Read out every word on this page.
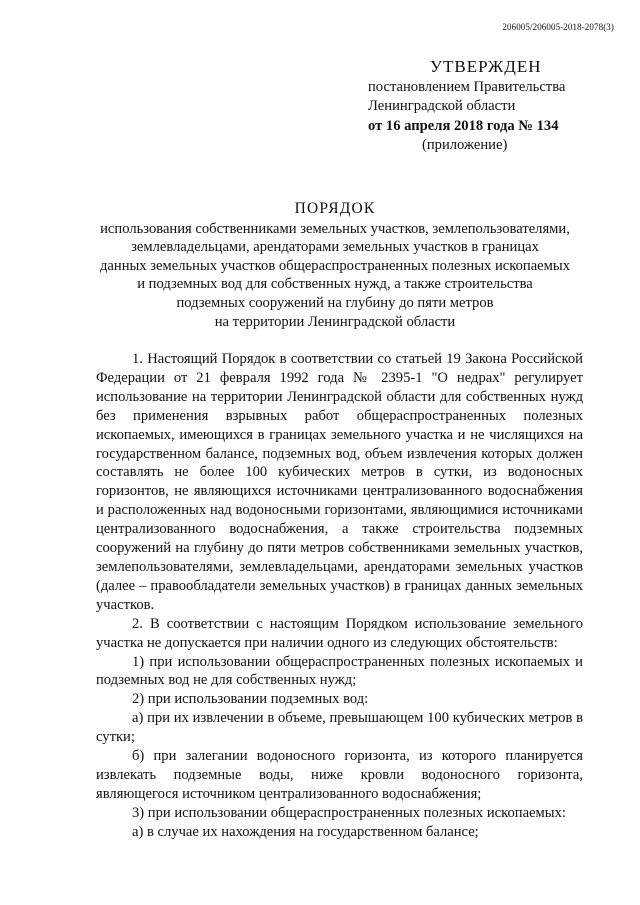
206005/206005-2018-2078(3)
УТВЕРЖДЕН
постановлением Правительства
Ленинградской области
от 16 апреля 2018 года № 134
(приложение)
ПОРЯДОК
использования собственниками земельных участков, землепользователями,
землевладельцами, арендаторами земельных участков в границах
данных земельных участков общераспространенных полезных ископаемых
и подземных вод для собственных нужд, а также строительства
подземных сооружений на глубину до пяти метров
на территории Ленинградской области

1. Настоящий Порядок в соответствии со статьей 19 Закона Российской Федерации от 21 февраля 1992 года № 2395-1 "О недрах" регулирует использование на территории Ленинградской области для собственных нужд без применения взрывных работ общераспространенных полезных ископаемых, имеющихся в границах земельного участка и не числящихся на государственном балансе, подземных вод, объем извлечения которых должен составлять не более 100 кубических метров в сутки, из водоносных горизонтов, не являющихся источниками централизованного водоснабжения и расположенных над водоносными горизонтами, являющимися источниками централизованного водоснабжения, а также строительства подземных сооружений на глубину до пяти метров собственниками земельных участков, землепользователями, землевладельцами, арендаторами земельных участков (далее – правообладатели земельных участков) в границах данных земельных участков.

2. В соответствии с настоящим Порядком использование земельного участка не допускается при наличии одного из следующих обстоятельств:

1) при использовании общераспространенных полезных ископаемых и подземных вод не для собственных нужд;

2) при использовании подземных вод:

а) при их извлечении в объеме, превышающем 100 кубических метров в сутки;

б) при залегании водоносного горизонта, из которого планируется извлекать подземные воды, ниже кровли водоносного горизонта, являющегося источником централизованного водоснабжения;

3) при использовании общераспространенных полезных ископаемых:

а) в случае их нахождения на государственном балансе;
